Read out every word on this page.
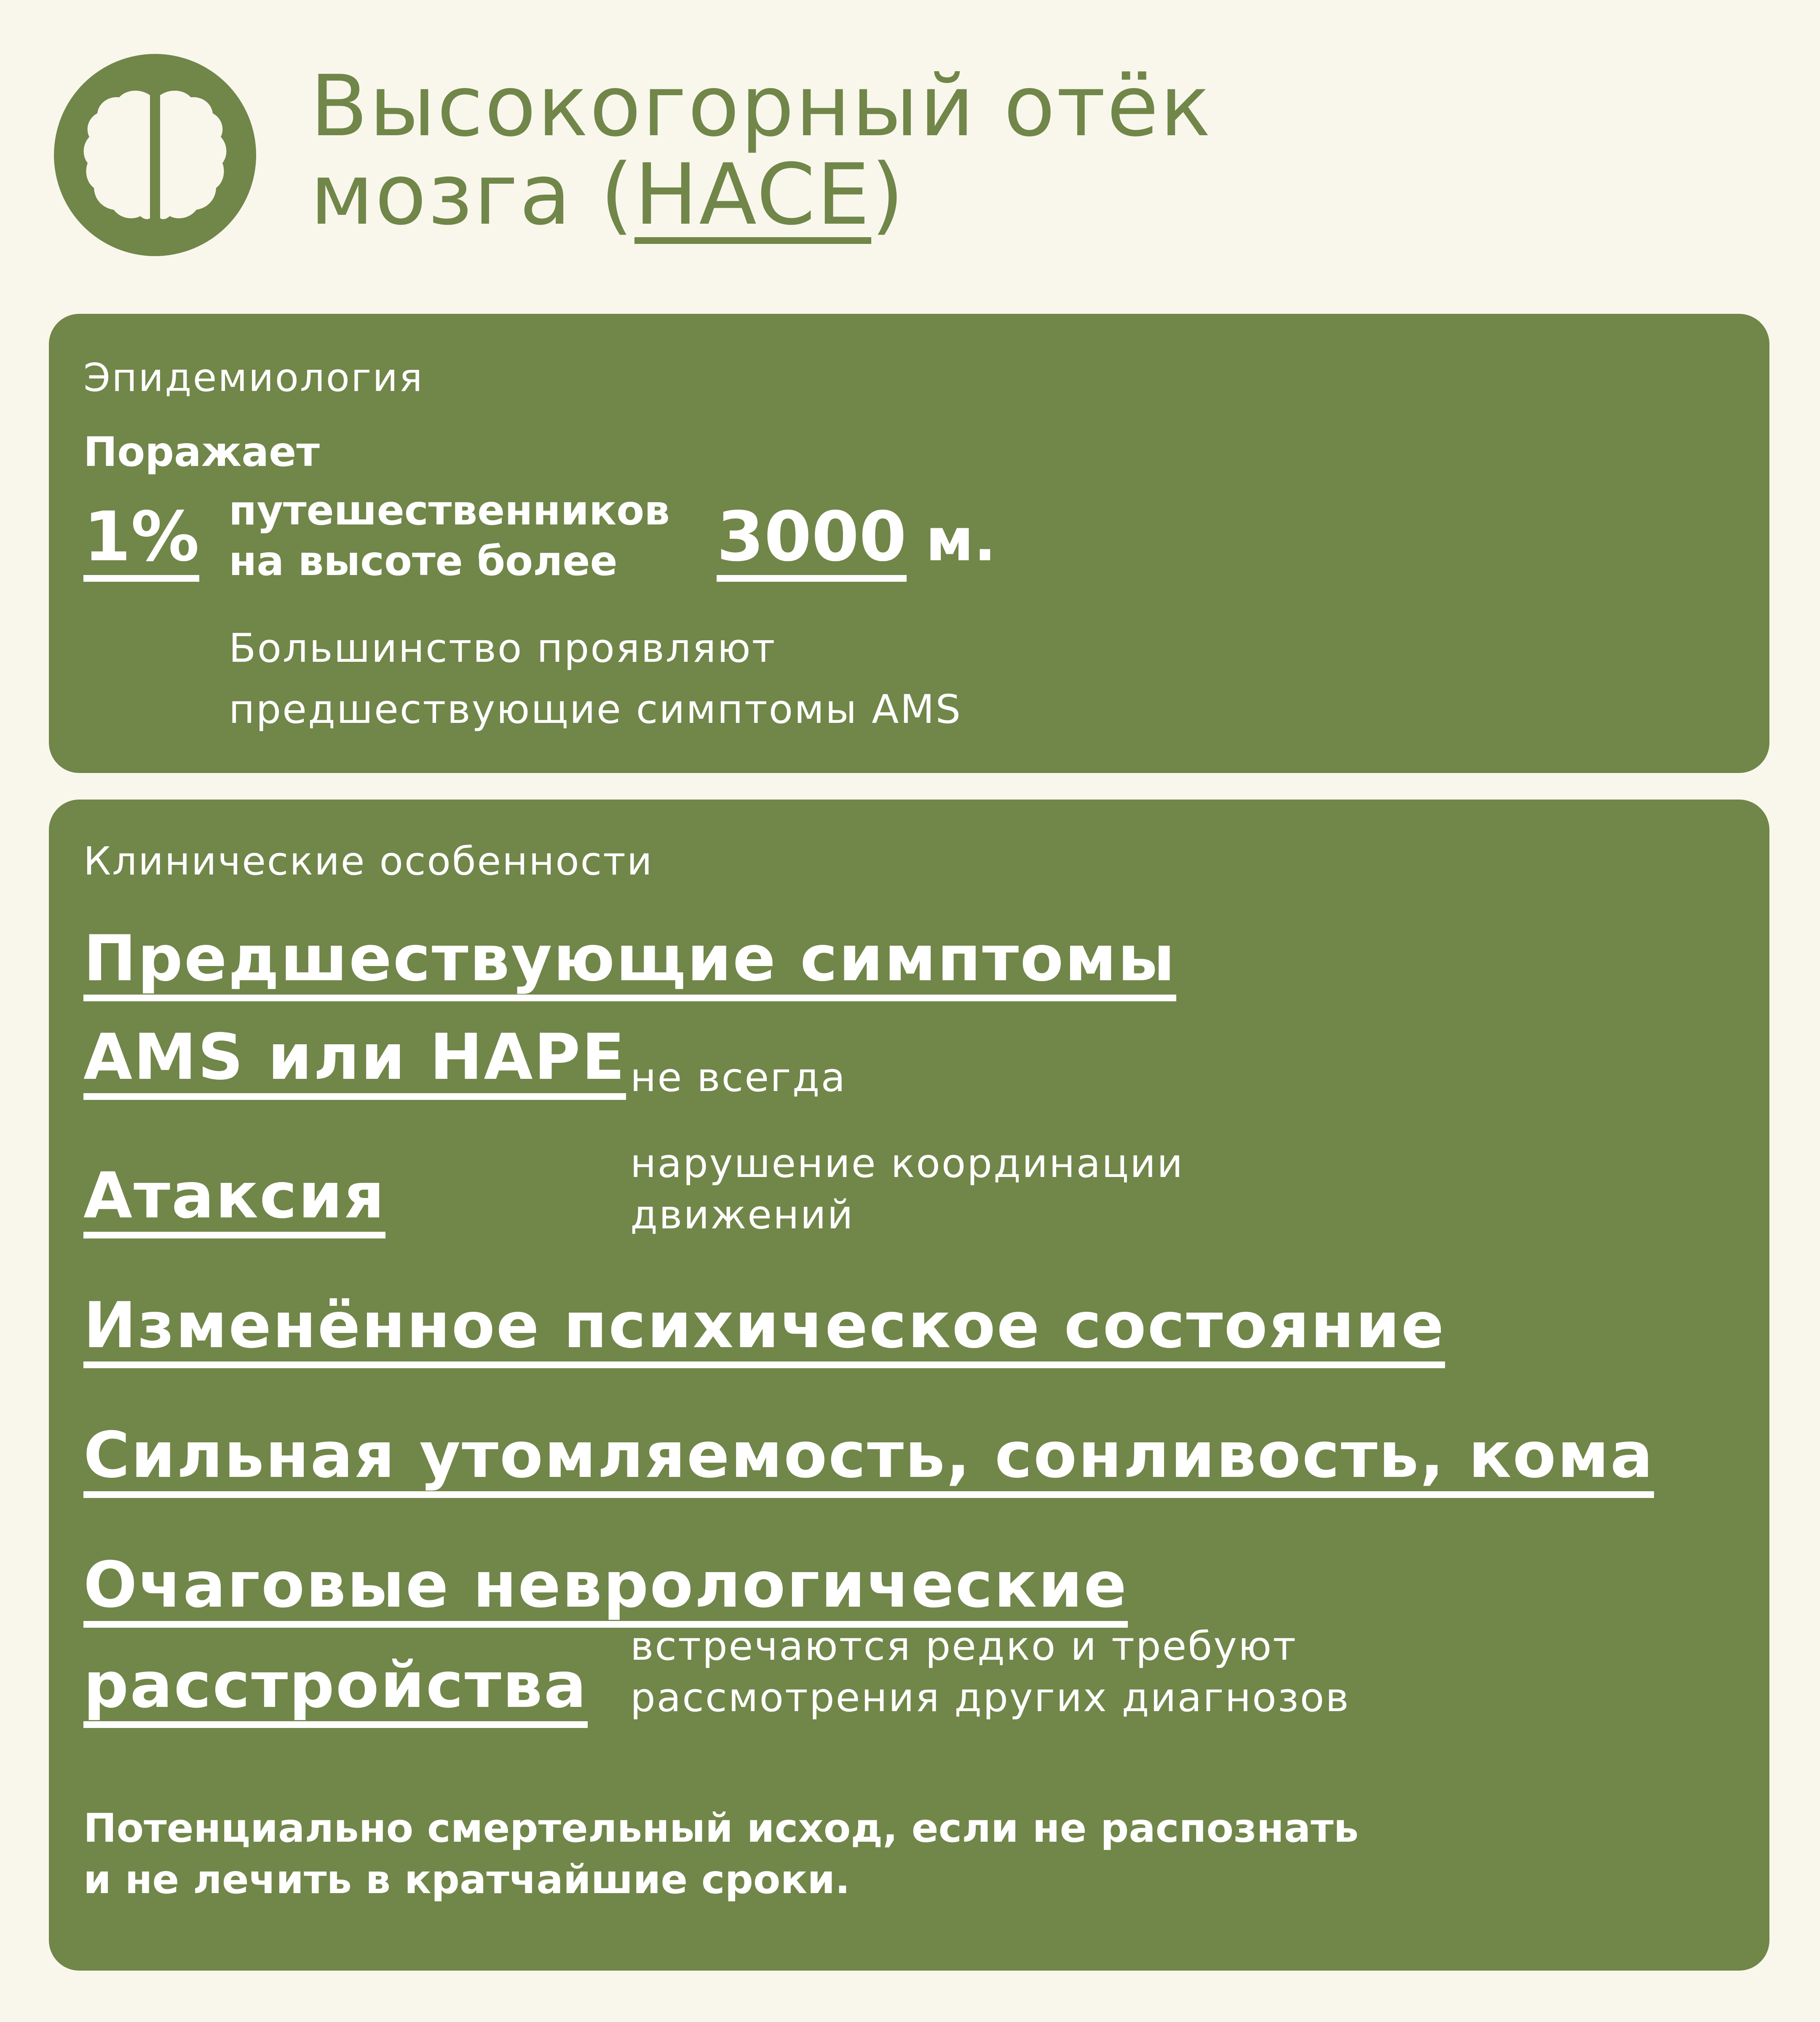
Высокогорный отёк
мозга (HACE)
Эпидемиология
Поражает
1% путешественников
на высоте более 3000 м.
Большинство проявляют
предшествующие симптомы AMS
Клинические особенности
Предшествующие симптомы
AMS или HAPE не всегда
Атаксия	нарушение координации
движений
Изменённое психическое состояние
Сильная утомляемость, сонливость, кома
Очаговые неврологические
расстройства
встречаются редко и требуют
рассмотрения других диагнозов
Потенциально смертельный исход, если не распознать
и не лечить в кратчайшие сроки.
